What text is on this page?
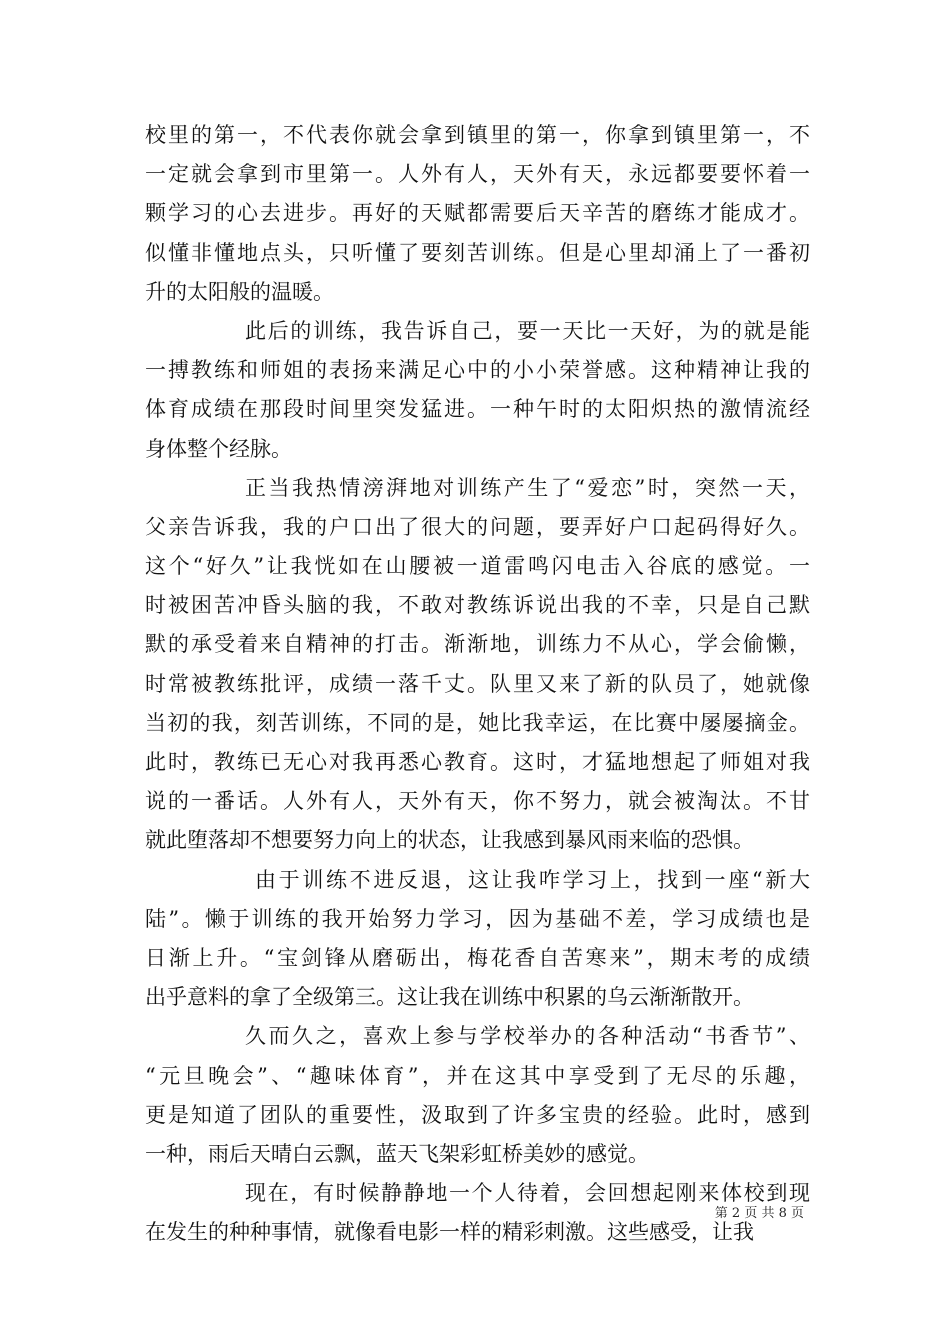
校里的第一，不代表你就会拿到镇里的第一，你拿到镇里第一，不
一定就会拿到市里第一。人外有人，天外有天，永远都要要怀着一
颗学习的心去进步。再好的天赋都需要后天辛苦的磨练才能成才。
似懂非懂地点头，只听懂了要刻苦训练。但是心里却涌上了一番初
升的太阳般的温暖。
此后的训练，我告诉自己，要一天比一天好，为的就是能
一搏教练和师姐的表扬来满足心中的小小荣誉感。这种精神让我的
体育成绩在那段时间里突发猛进。一种午时的太阳炽热的激情流经
身体整个经脉。
正当我热情滂湃地对训练产生了“爱恋”时，突然一天，
父亲告诉我，我的户口出了很大的问题，要弄好户口起码得好久。
这个“好久”让我恍如在山腰被一道雷鸣闪电击入谷底的感觉。一
时被困苦冲昏头脑的我，不敢对教练诉说出我的不幸，只是自己默
默的承受着来自精神的打击。渐渐地，训练力不从心，学会偷懒，
时常被教练批评，成绩一落千丈。队里又来了新的队员了，她就像
当初的我，刻苦训练，不同的是，她比我幸运，在比赛中屡屡摘金。
此时，教练已无心对我再悉心教育。这时，才猛地想起了师姐对我
说的一番话。人外有人，天外有天，你不努力，就会被淘汰。不甘
就此堕落却不想要努力向上的状态，让我感到暴风雨来临的恐惧。
由于训练不进反退，这让我咋学习上，找到一座“新大
陆”。懒于训练的我开始努力学习，因为基础不差，学习成绩也是
日渐上升。“宝剑锋从磨砺出，梅花香自苦寒来”，期末考的成绩
出乎意料的拿了全级第三。这让我在训练中积累的乌云渐渐散开。
久而久之，喜欢上参与学校举办的各种活动“书香节”、
“元旦晚会”、“趣味体育”，并在这其中享受到了无尽的乐趣，
更是知道了团队的重要性，汲取到了许多宝贵的经验。此时，感到
一种，雨后天晴白云飘，蓝天飞架彩虹桥美妙的感觉。
现在，有时候静静地一个人待着，会回想起刚来体校到现
在发生的种种事情，就像看电影一样的精彩刺激。这些感受，让我
第 2 页 共 8 页
